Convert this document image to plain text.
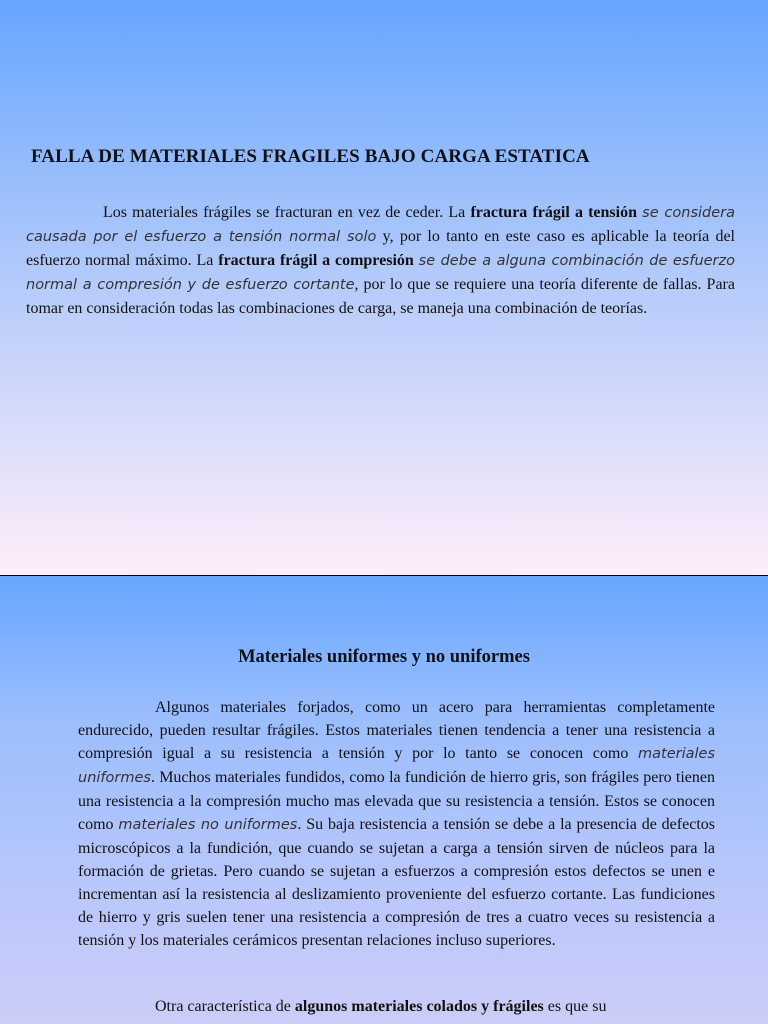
FALLA DE MATERIALES FRAGILES BAJO CARGA ESTATICA

Los materiales frágiles se fracturan en vez de ceder. La fractura frágil a tensión se considera causada por el esfuerzo a tensión normal solo y, por lo tanto en este caso es aplicable la teoría del esfuerzo normal máximo. La fractura frágil a compresión se debe a alguna combinación de esfuerzo normal a compresión y de esfuerzo cortante, por lo que se requiere una teoría diferente de fallas. Para tomar en consideración todas las combinaciones de carga, se maneja una combinación de teorías.

Materiales uniformes y no uniformes

Algunos materiales forjados, como un acero para herramientas completamente endurecido, pueden resultar frágiles. Estos materiales tienen tendencia a tener una resistencia a compresión igual a su resistencia a tensión y por lo tanto se conocen como materiales uniformes. Muchos materiales fundidos, como la fundición de hierro gris, son frágiles pero tienen una resistencia a la compresión mucho mas elevada que su resistencia a tensión. Estos se conocen como materiales no uniformes. Su baja resistencia a tensión se debe a la presencia de defectos microscópicos a la fundición, que cuando se sujetan a carga a tensión sirven de núcleos para la formación de grietas. Pero cuando se sujetan a esfuerzos a compresión estos defectos se unen e incrementan así la resistencia al deslizamiento proveniente del esfuerzo cortante. Las fundiciones de hierro y gris suelen tener una resistencia a compresión de tres a cuatro veces su resistencia a tensión y los materiales cerámicos presentan relaciones incluso superiores.

Otra característica de algunos materiales colados y frágiles es que su
